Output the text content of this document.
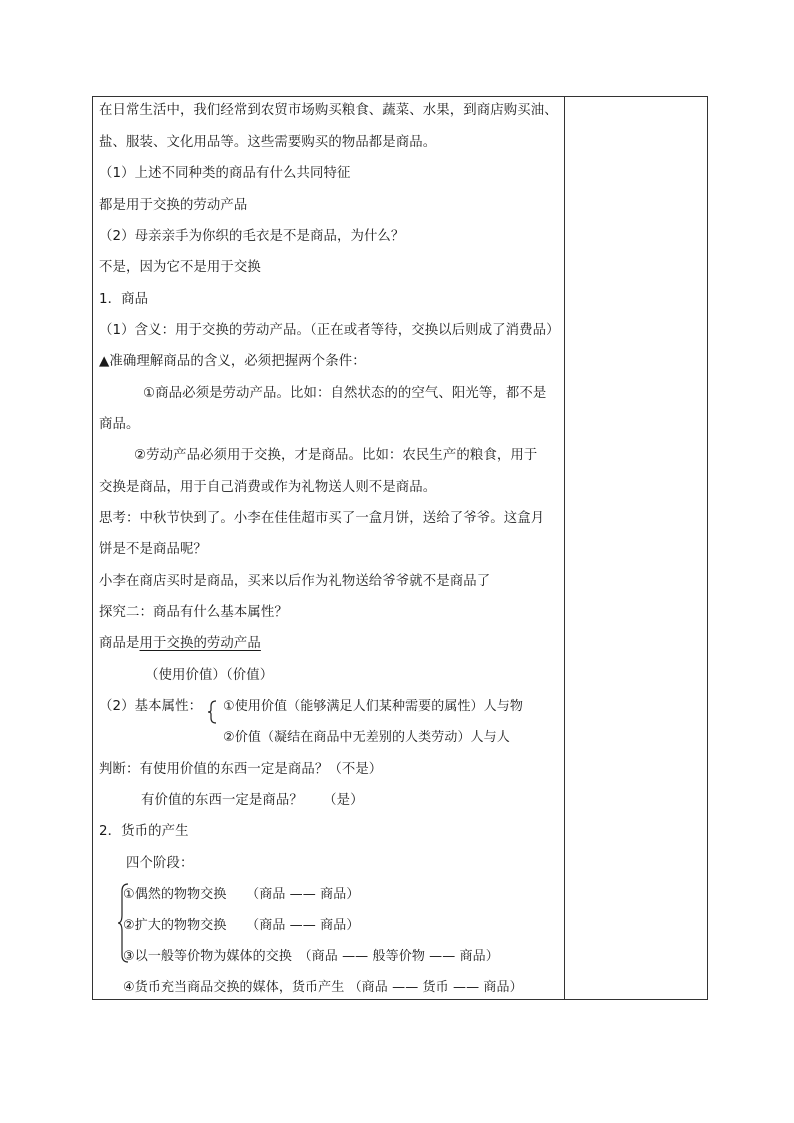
在日常生活中，我们经常到农贸市场购买粮食、蔬菜、水果，到商店购买油、
盐、服装、文化用品等。这些需要购买的物品都是商品。
（1）上述不同种类的商品有什么共同特征
都是用于交换的劳动产品
（2）母亲亲手为你织的毛衣是不是商品，为什么？
不是，因为它不是用于交换
1．商品
（1）含义：用于交换的劳动产品。（正在或者等待，交换以后则成了消费品）
▲准确理解商品的含义，必须把握两个条件：
①商品必须是劳动产品。比如：自然状态的的空气、阳光等，都不是
商品。
②劳动产品必须用于交换，才是商品。比如：农民生产的粮食，用于
交换是商品，用于自己消费或作为礼物送人则不是商品。
思考：中秋节快到了。小李在佳佳超市买了一盒月饼，送给了爷爷。这盒月
饼是不是商品呢？
小李在商店买时是商品，买来以后作为礼物送给爷爷就不是商品了
探究二：商品有什么基本属性？
商品是用于交换的劳动产品
（使用价值）（价值）
（2）基本属性： ①使用价值（能够满足人们某种需要的属性）人与物
②价值（凝结在商品中无差别的人类劳动）人与人
判断：有使用价值的东西一定是商品？（不是）
有价值的东西一定是商品？　　（是）
2．货币的产生
四个阶段：
①偶然的物物交换　　（商品 —— 商品）
②扩大的物物交换　　（商品 —— 商品）
③以一般等价物为媒体的交换　（商品 —— 般等价物 —— 商品）
④货币充当商品交换的媒体，货币产生 （商品 —— 货币 —— 商品）
